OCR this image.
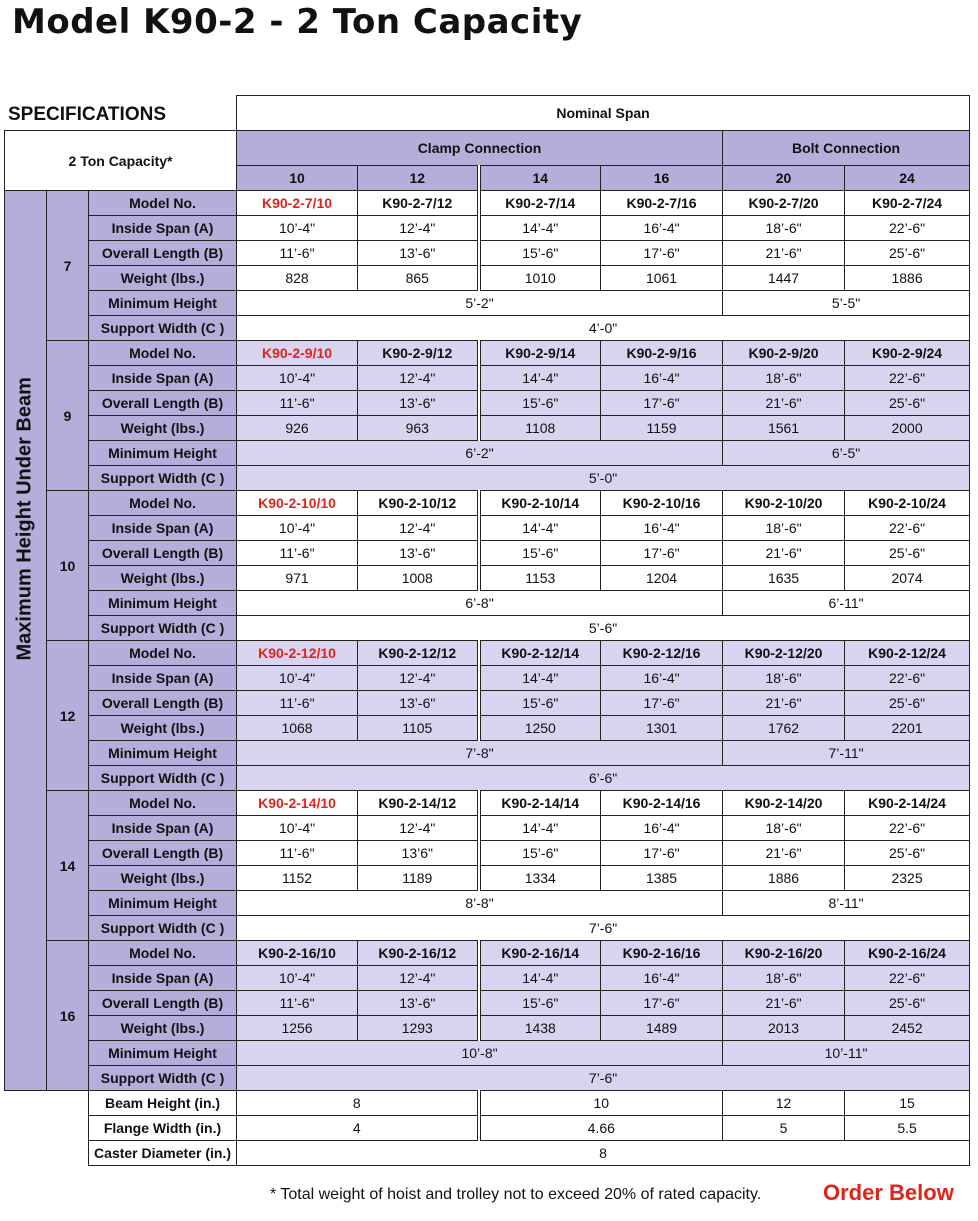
Model K90-2 - 2 Ton Capacity
SPECIFICATIONS
			Nominal Span					
2 Ton Capacity*			Clamp Connection				Bolt Connection	
			10	12	14	16	20	24

Maximum Height Under Beam	7	Model No.	K90-2-7/10	K90-2-7/12	K90-2-7/14	K90-2-7/16	K90-2-7/20	K90-2-7/24
		Inside Span (A)	10’-4"	12’-4"	14’-4"	16’-4"	18’-6"	22’-6"
		Overall Length (B)	11’-6"	13’-6"	15’-6"	17’-6"	21’-6"	25’-6"
		Weight (lbs.)	828	865	1010	1061	1447	1886
		Minimum Height	5’-2"				5’-5"	
		Support Width (C )	4’-0"					
	9	Model No.	K90-2-9/10	K90-2-9/12	K90-2-9/14	K90-2-9/16	K90-2-9/20	K90-2-9/24
		Inside Span (A)	10’-4"	12’-4"	14’-4"	16’-4"	18’-6"	22’-6"
		Overall Length (B)	11’-6"	13’-6"	15’-6"	17’-6"	21’-6"	25’-6"
		Weight (lbs.)	926	963	1108	1159	1561	2000
		Minimum Height	6’-2"				6’-5"	
		Support Width (C )	5’-0"					
	10	Model No.	K90-2-10/10	K90-2-10/12	K90-2-10/14	K90-2-10/16	K90-2-10/20	K90-2-10/24
		Inside Span (A)	10’-4"	12’-4"	14’-4"	16’-4"	18’-6"	22’-6"
		Overall Length (B)	11’-6"	13’-6"	15’-6"	17’-6"	21’-6"	25’-6"
		Weight (lbs.)	971	1008	1153	1204	1635	2074
		Minimum Height	6’-8"				6’-11"	
		Support Width (C )	5’-6"					
	12	Model No.	K90-2-12/10	K90-2-12/12	K90-2-12/14	K90-2-12/16	K90-2-12/20	K90-2-12/24
		Inside Span (A)	10’-4"	12’-4"	14’-4"	16’-4"	18’-6"	22’-6"
		Overall Length (B)	11’-6"	13’-6"	15’-6"	17’-6"	21’-6"	25’-6"
		Weight (lbs.)	1068	1105	1250	1301	1762	2201
		Minimum Height	7’-8"				7’-11"	
		Support Width (C )	6’-6"					
	14	Model No.	K90-2-14/10	K90-2-14/12	K90-2-14/14	K90-2-14/16	K90-2-14/20	K90-2-14/24
		Inside Span (A)	10’-4"	12’-4"	14’-4"	16’-4"	18’-6"	22’-6"
		Overall Length (B)	11’-6"	13’6"	15’-6"	17’-6"	21’-6"	25’-6"
		Weight (lbs.)	1152	1189	1334	1385	1886	2325
		Minimum Height	8’-8"				8’-11"	
		Support Width (C )	7’-6"					
	16	Model No.	K90-2-16/10	K90-2-16/12	K90-2-16/14	K90-2-16/16	K90-2-16/20	K90-2-16/24
		Inside Span (A)	10’-4"	12’-4"	14’-4"	16’-4"	18’-6"	22’-6"
		Overall Length (B)	11’-6"	13’-6"	15’-6"	17’-6"	21’-6"	25’-6"
		Weight (lbs.)	1256	1293	1438	1489	2013	2452
		Minimum Height	10’-8"				10’-11"	
		Support Width (C )	7’-6"					
		Beam Height (in.)	8		10		12	15
		Flange Width (in.)	4		4.66		5	5.5
		Caster Diameter (in.)	8					
* Total weight of hoist and trolley not to exceed 20% of rated capacity.	Order Below
